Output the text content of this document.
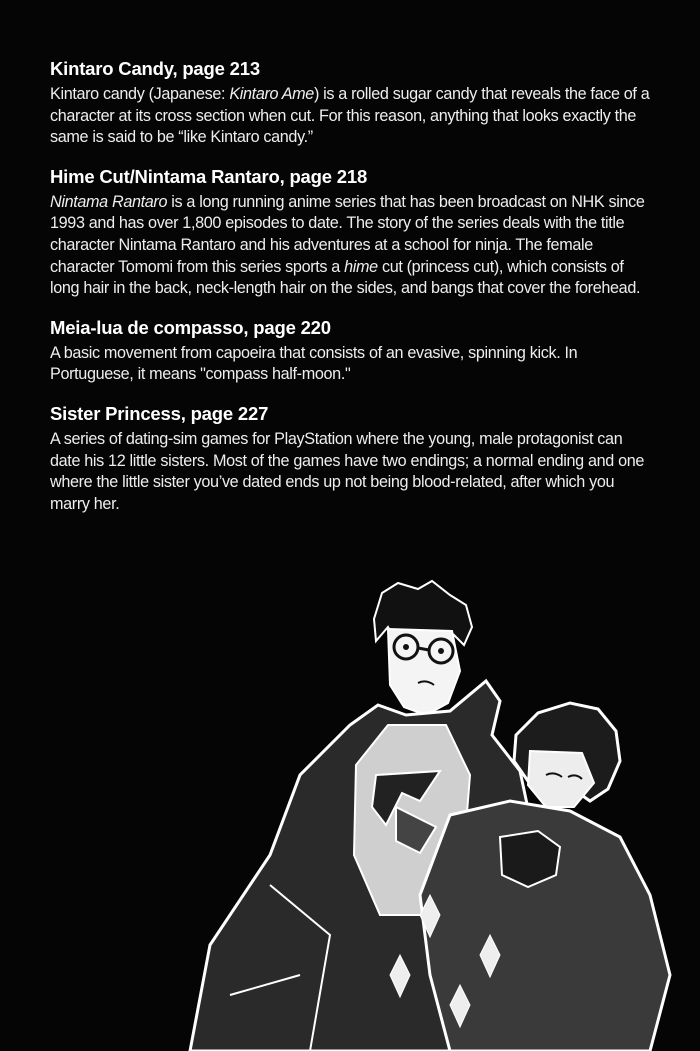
Kintaro Candy, page 213

Kintaro candy (Japanese: Kintaro Ame) is a rolled sugar candy that reveals the face of a character at its cross section when cut. For this reason, anything that looks exactly the same is said to be “like Kintaro candy.”

Hime Cut/Nintama Rantaro, page 218

Nintama Rantaro is a long running anime series that has been broadcast on NHK since 1993 and has over 1,800 episodes to date. The story of the series deals with the title character Nintama Rantaro and his adventures at a school for ninja. The female character Tomomi from this series sports a hime cut (princess cut), which consists of long hair in the back, neck-length hair on the sides, and bangs that cover the forehead.

Meia-lua de compasso, page 220

A basic movement from capoeira that consists of an evasive, spinning kick. In Portuguese, it means "compass half-moon."

Sister Princess, page 227

A series of dating-sim games for PlayStation where the young, male protagonist can date his 12 little sisters. Most of the games have two endings; a normal ending and one where the little sister you’ve dated ends up not being blood-related, after which you marry her.
